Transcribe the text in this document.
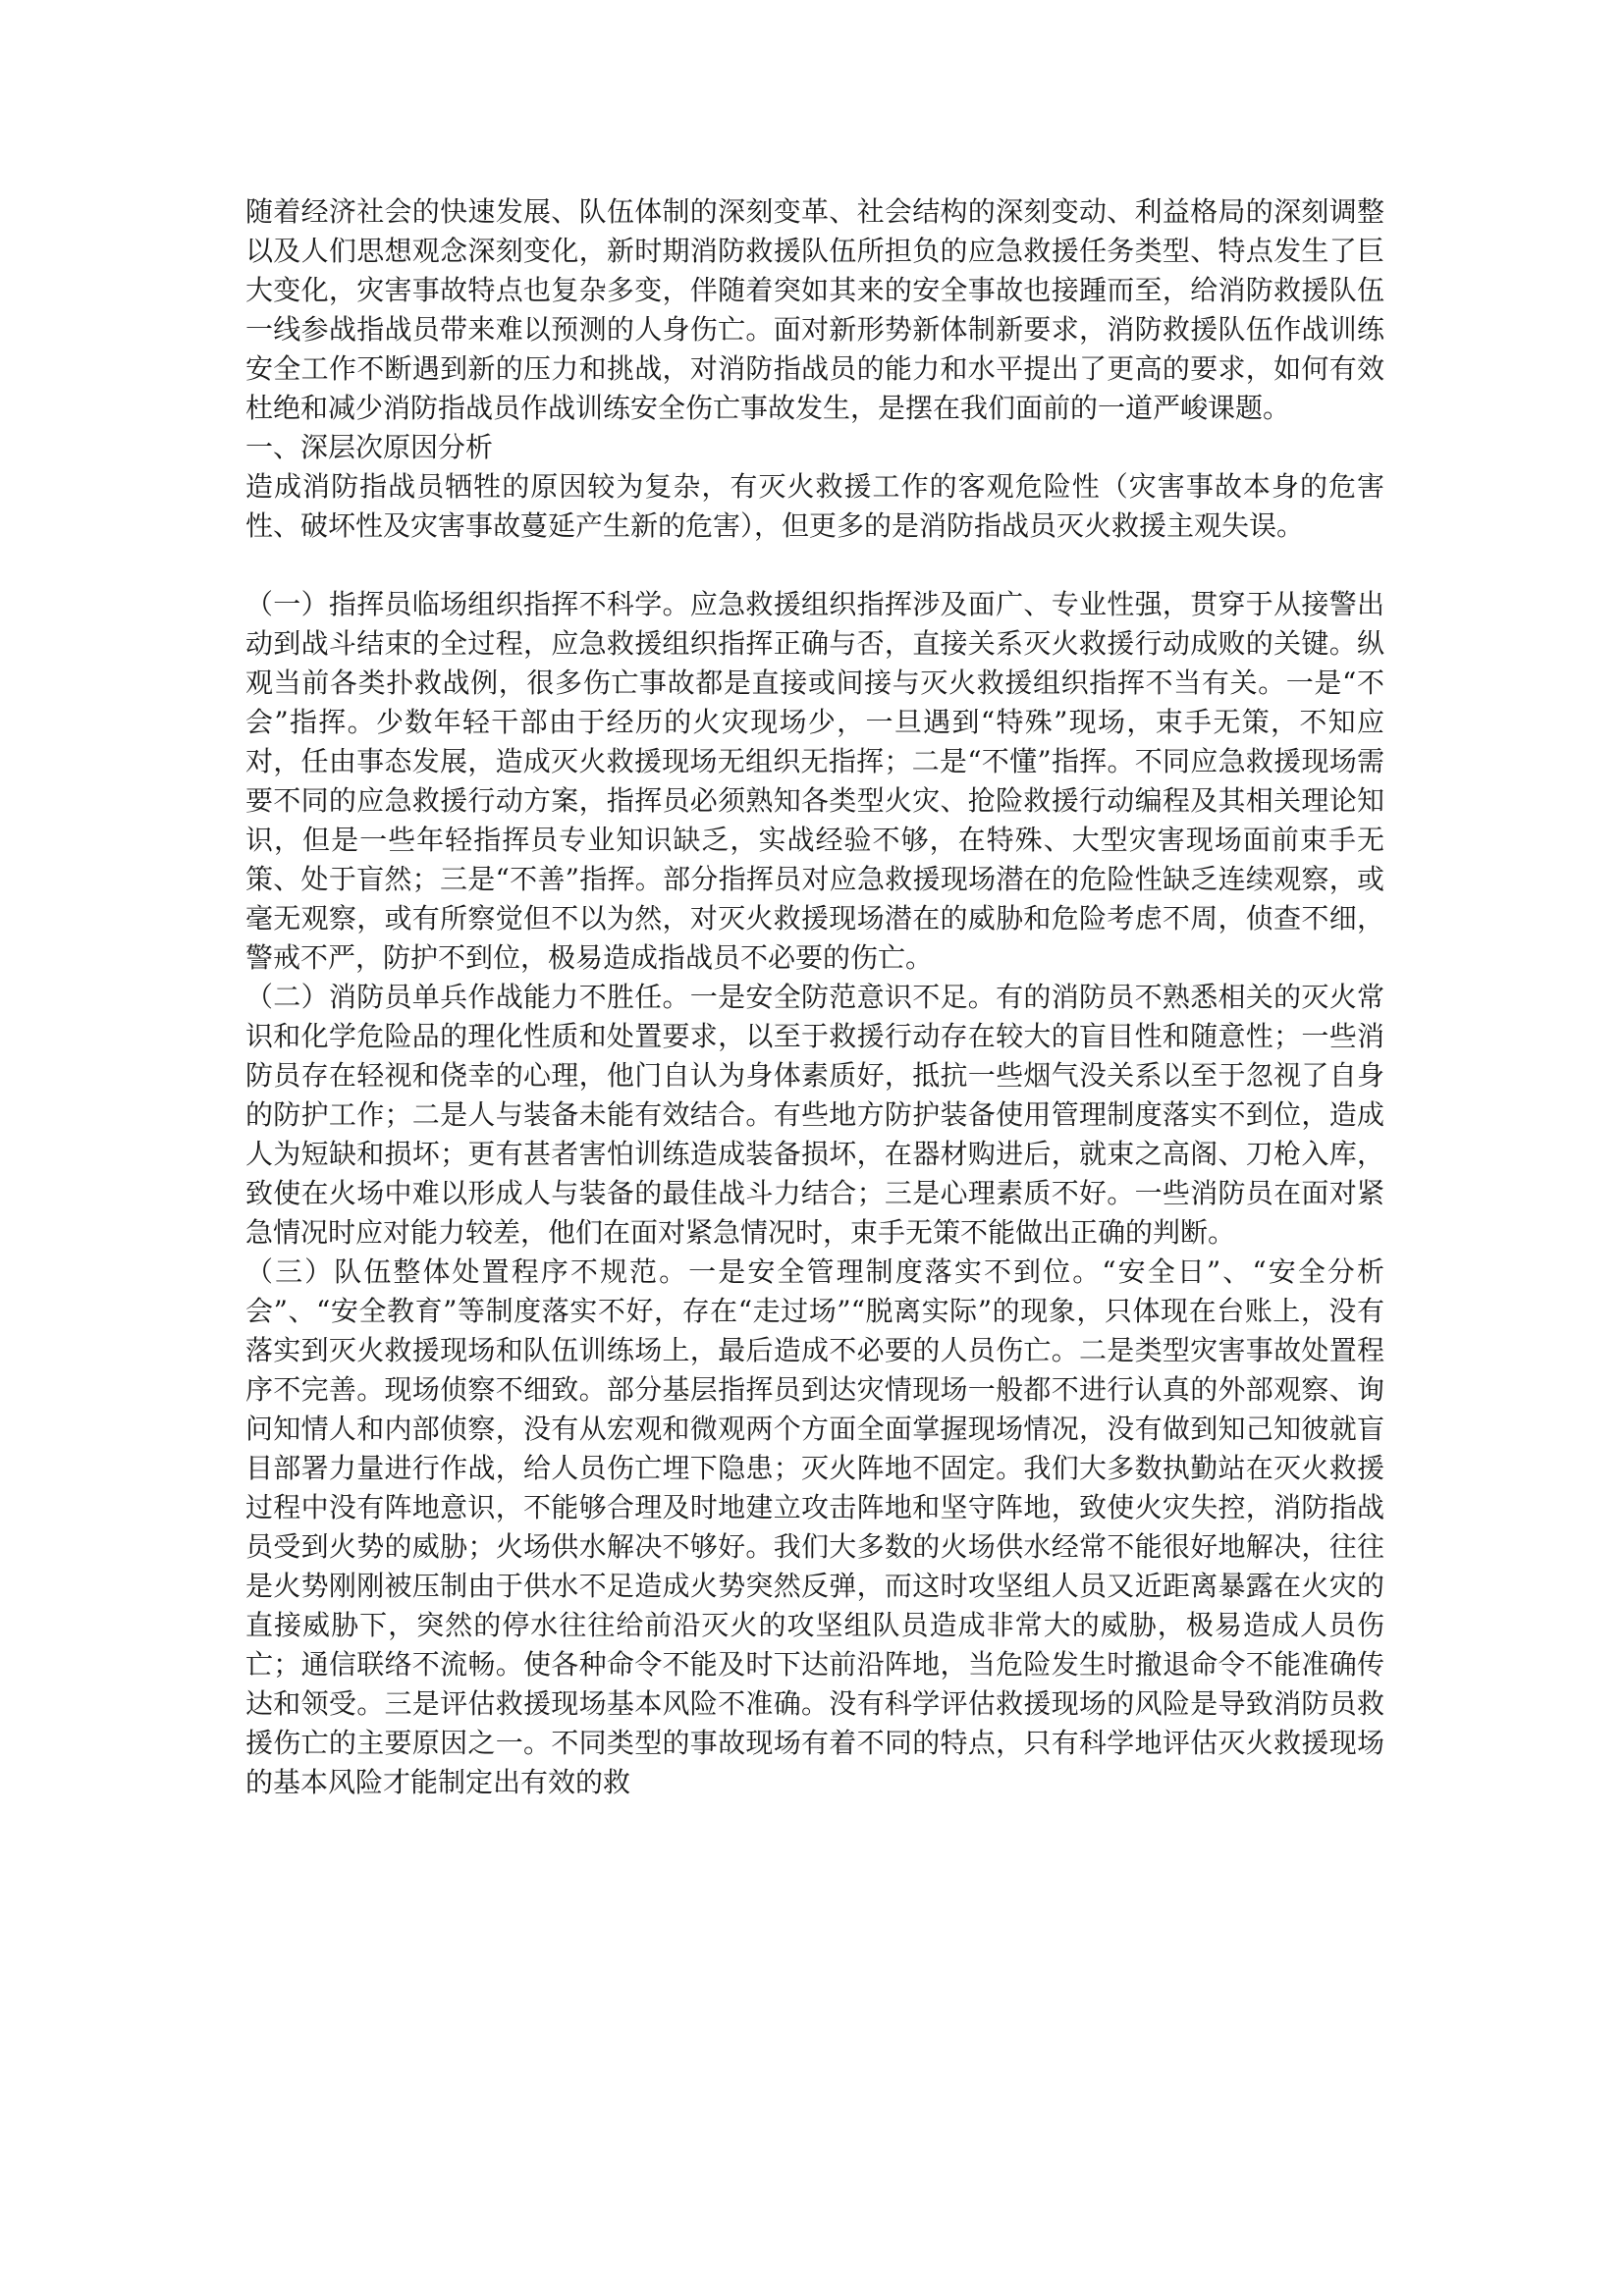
随着经济社会的快速发展、队伍体制的深刻变革、社会结构的深刻变动、利益格局的深刻调整以及人们思想观念深刻变化，新时期消防救援队伍所担负的应急救援任务类型、特点发生了巨大变化，灾害事故特点也复杂多变，伴随着突如其来的安全事故也接踵而至，给消防救援队伍一线参战指战员带来难以预测的人身伤亡。面对新形势新体制新要求，消防救援队伍作战训练安全工作不断遇到新的压力和挑战，对消防指战员的能力和水平提出了更高的要求，如何有效杜绝和减少消防指战员作战训练安全伤亡事故发生，是摆在我们面前的一道严峻课题。

一、深层次原因分析

造成消防指战员牺牲的原因较为复杂，有灭火救援工作的客观危险性（灾害事故本身的危害性、破坏性及灾害事故蔓延产生新的危害），但更多的是消防指战员灭火救援主观失误。

（一）指挥员临场组织指挥不科学。应急救援组织指挥涉及面广、专业性强，贯穿于从接警出动到战斗结束的全过程，应急救援组织指挥正确与否，直接关系灭火救援行动成败的关键。纵观当前各类扑救战例，很多伤亡事故都是直接或间接与灭火救援组织指挥不当有关。一是“不会”指挥。少数年轻干部由于经历的火灾现场少，一旦遇到“特殊”现场，束手无策，不知应对，任由事态发展，造成灭火救援现场无组织无指挥；二是“不懂”指挥。不同应急救援现场需要不同的应急救援行动方案，指挥员必须熟知各类型火灾、抢险救援行动编程及其相关理论知识，但是一些年轻指挥员专业知识缺乏，实战经验不够，在特殊、大型灾害现场面前束手无策、处于盲然；三是“不善”指挥。部分指挥员对应急救援现场潜在的危险性缺乏连续观察，或毫无观察，或有所察觉但不以为然，对灭火救援现场潜在的威胁和危险考虑不周，侦查不细，警戒不严，防护不到位，极易造成指战员不必要的伤亡。

（二）消防员单兵作战能力不胜任。一是安全防范意识不足。有的消防员不熟悉相关的灭火常识和化学危险品的理化性质和处置要求，以至于救援行动存在较大的盲目性和随意性；一些消防员存在轻视和侥幸的心理，他门自认为身体素质好，抵抗一些烟气没关系以至于忽视了自身的防护工作；二是人与装备未能有效结合。有些地方防护装备使用管理制度落实不到位，造成人为短缺和损坏；更有甚者害怕训练造成装备损坏，在器材购进后，就束之高阁、刀枪入库，致使在火场中难以形成人与装备的最佳战斗力结合；三是心理素质不好。一些消防员在面对紧急情况时应对能力较差，他们在面对紧急情况时，束手无策不能做出正确的判断。

（三）队伍整体处置程序不规范。一是安全管理制度落实不到位。“安全日”、“安全分析会”、“安全教育”等制度落实不好，存在“走过场”“脱离实际”的现象，只体现在台账上，没有落实到灭火救援现场和队伍训练场上，最后造成不必要的人员伤亡。二是类型灾害事故处置程序不完善。现场侦察不细致。部分基层指挥员到达灾情现场一般都不进行认真的外部观察、询问知情人和内部侦察，没有从宏观和微观两个方面全面掌握现场情况，没有做到知己知彼就盲目部署力量进行作战，给人员伤亡埋下隐患；灭火阵地不固定。我们大多数执勤站在灭火救援过程中没有阵地意识，不能够合理及时地建立攻击阵地和坚守阵地，致使火灾失控，消防指战员受到火势的威胁；火场供水解决不够好。我们大多数的火场供水经常不能很好地解决，往往是火势刚刚被压制由于供水不足造成火势突然反弹，而这时攻坚组人员又近距离暴露在火灾的直接威胁下，突然的停水往往给前沿灭火的攻坚组队员造成非常大的威胁，极易造成人员伤亡；通信联络不流畅。使各种命令不能及时下达前沿阵地，当危险发生时撤退命令不能准确传达和领受。三是评估救援现场基本风险不准确。没有科学评估救援现场的风险是导致消防员救援伤亡的主要原因之一。不同类型的事故现场有着不同的特点，只有科学地评估灭火救援现场的基本风险才能制定出有效的救
